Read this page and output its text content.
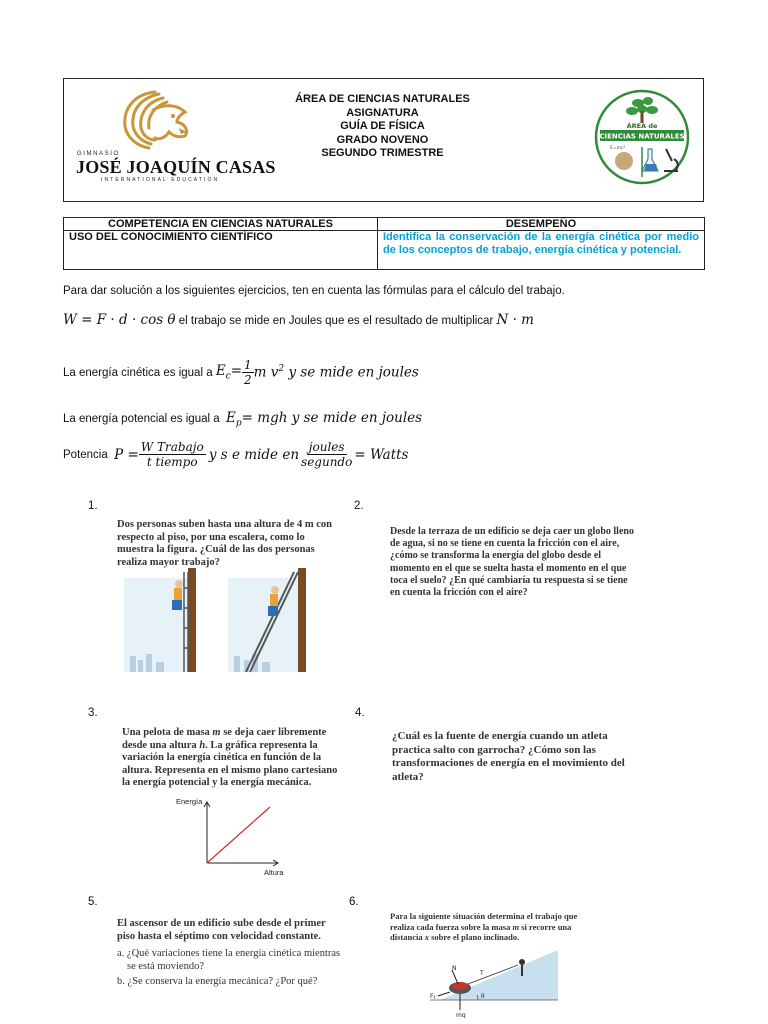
GIMNASIO
JOSÉ JOAQUÍN CASAS
INTERNATIONAL EDUCATION
ÁREA DE CIENCIAS NATURALES
ASIGNATURA
GUÍA DE FÍSICA
GRADO NOVENO
SEGUNDO TRIMESTRE
ÁREA de
CIENCIAS NATURALES
E=mc²
COMPETENCIA EN CIENCIAS NATURALES	DESEMPEÑO
USO DEL CONOCIMIENTO CIENTÍFICO	Identifica la conservación de la energía cinética por medio de los conceptos de trabajo, energía cinética y potencial.
Para dar solución a los siguientes ejercicios, ten en cuenta las fórmulas para el cálculo del trabajo.
W = F · d · cos θ el trabajo se mide en Joules que es el resultado de multiplicar N · m
La energía cinética es igual a
$E_c= \frac{1}{2}$ m $v^2$ y se mide en joules
La energía potencial es igual a $E_p=$ mgh y se mide en joules
Potencia
$P = \frac{\text{W Trabajo}}{\text{t tiempo}}$
y s e mide en $\frac{\text{joules}}{\text{segundo}}$ = Watts
1.
Dos personas suben hasta una altura de 4 m con respecto al piso, por una escalera, como lo muestra la figura. ¿Cuál de las dos personas realiza mayor trabajo?
2.
Desde la terraza de un edificio se deja caer un globo lleno de agua, si no se tiene en cuenta la fricción con el aire, ¿cómo se transforma la energía del globo desde el momento en el que se suelta hasta el momento en el que toca el suelo? ¿En qué cambiaría tu respuesta si se tiene en cuenta la fricción con el aire?
3.
Una pelota de masa m se deja caer libremente desde una altura h. La gráfica representa la variación la energía cinética en función de la altura. Representa en el mismo plano cartesiano la energía potencial y la energía mecánica.
Energía
Altura
4.
¿Cuál es la fuente de energía cuando un atleta practica salto con garrocha? ¿Cómo son las transformaciones de energía en el movimiento del atleta?
5.
El ascensor de un edificio sube desde el primer piso hasta el séptimo con velocidad constante.
a. ¿Qué variaciones tiene la energía cinética mientras se está moviendo?
b. ¿Se conserva la energía mecánica? ¿Por qué?
6.
Para la siguiente situación determina el trabajo que realiza cada fuerza sobre la masa m si recorre una distancia x sobre el plano inclinado.
N
T
Ff	θ
mg
